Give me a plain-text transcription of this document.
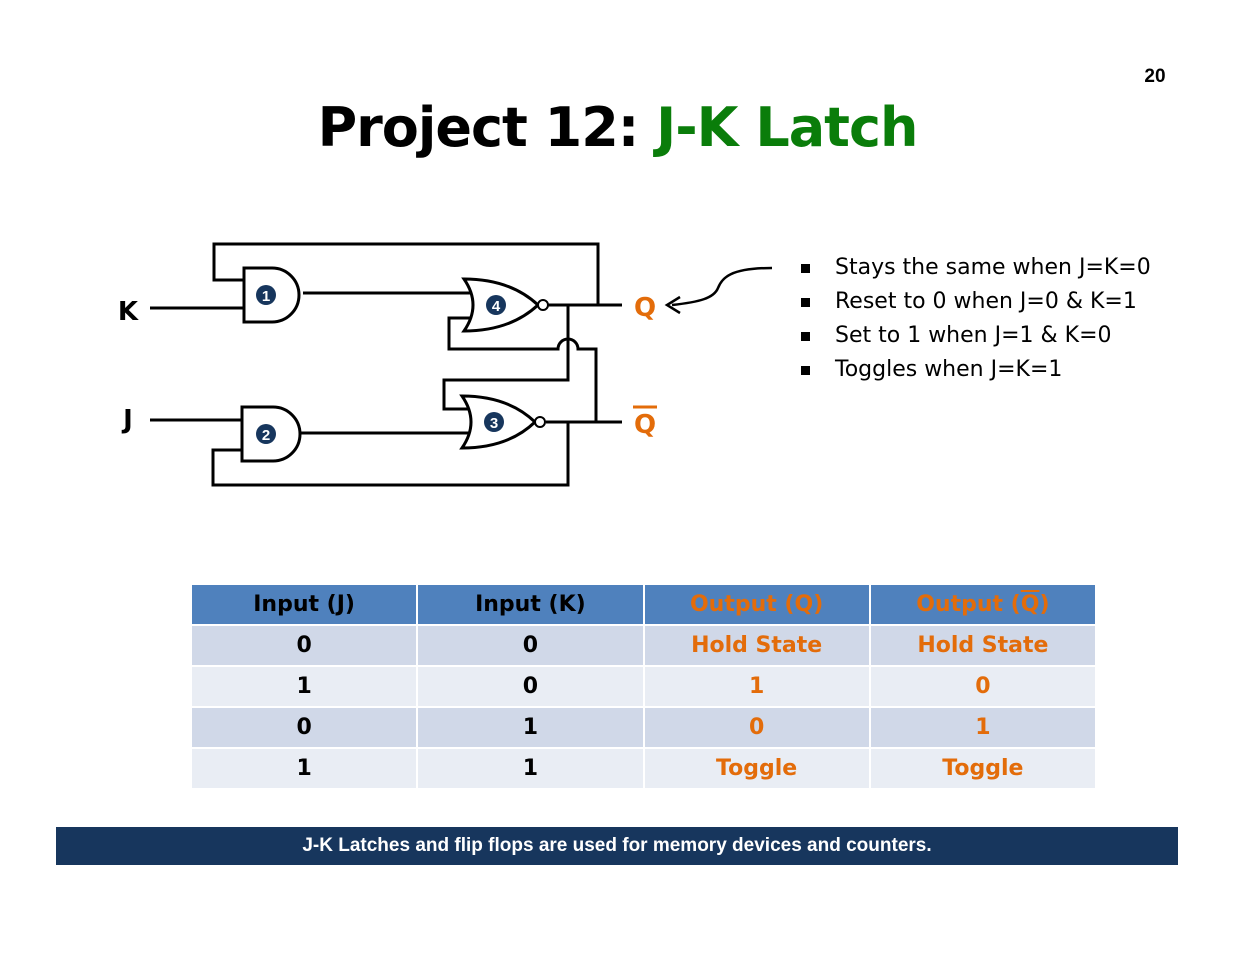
20
Project 12: J-K Latch
1
2
3
4
K
J
Q
Q
Stays the same when J=K=0
Reset to 0 when J=0 & K=1
Set to 1 when J=1 & K=0
Toggles when J=K=1
Input (J)	Input (K)	Output (Q)	Output $(\overline{Q})$
0	0	Hold State	Hold State
1	0	1	0
0	1	0	1
1	1	Toggle	Toggle
J-K Latches and flip flops are used for memory devices and counters.
